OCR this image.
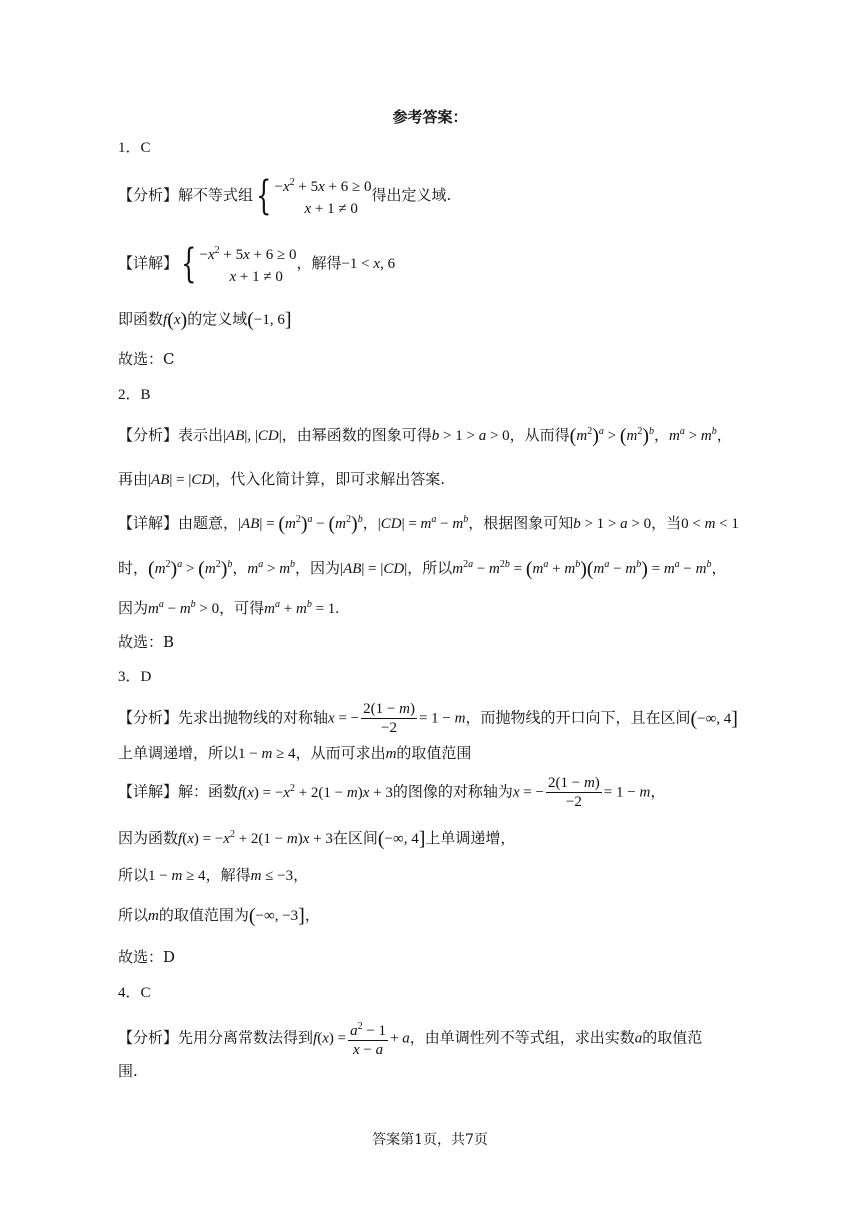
参考答案：
1．C
【分析】解不等式组{ $-x^2 + 5x + 6 \ge 0$
x + 1 ≠ 0
得出定义域.
【详解】{ $-x^2 + 5x + 6 \ge 0$
x + 1 ≠ 0
，解得−1 < x, 6
即函数f(x)的定义域(−1, 6]
故选：C
2．B
【分析】表示出|AB|, |CD|，由幂函数的图象可得b > 1 > a > 0，从而得$(m^2)^a > (m^2)^b$，$m^a > m^b$，
再由|AB| = |CD|，代入化简计算，即可求解出答案.
【详解】由题意，$|AB| = (m^2)^a - (m^2)^b$，$|CD| = m^a - m^b$，根据图象可知b > 1 > a > 0，当0 < m < 1
时，$(m^2)^a > (m^2)^b$，$m^a > m^b$，因为|AB| = |CD|，所以$m^{2a} - m^{2b} = (m^a + m^b)(m^a - m^b) = m^a - m^b$，
因为$m^a - m^b > 0$，可得$m^a + m^b = 1$.
故选：B
3．D
【分析】先求出抛物线的对称轴x = − $\frac{2(1 - m)}{-2} = 1 - m$，而抛物线的开口向下，且在区间(−∞, 4]
上单调递增，所以1 − m ≥ 4，从而可求出m的取值范围
【详解】解：函数$f(x) = -x^2 + 2(1 - m)x + 3$的图像的对称轴为x = − $\frac{2(1 - m)}{-2} = 1 - m$，
因为函数$f(x) = -x^2 + 2(1 - m)x + 3$在区间(−∞, 4]上单调递增，
所以1 − m ≥ 4，解得m ≤ −3，
所以m的取值范围为(−∞, −3]，
故选：D
4．C
【分析】先用分离常数法得到$f(x) = \frac{a^2 - 1}{x - a} + a$，由单调性列不等式组，求出实数a的取值范
围.
答案第1页，共7页
